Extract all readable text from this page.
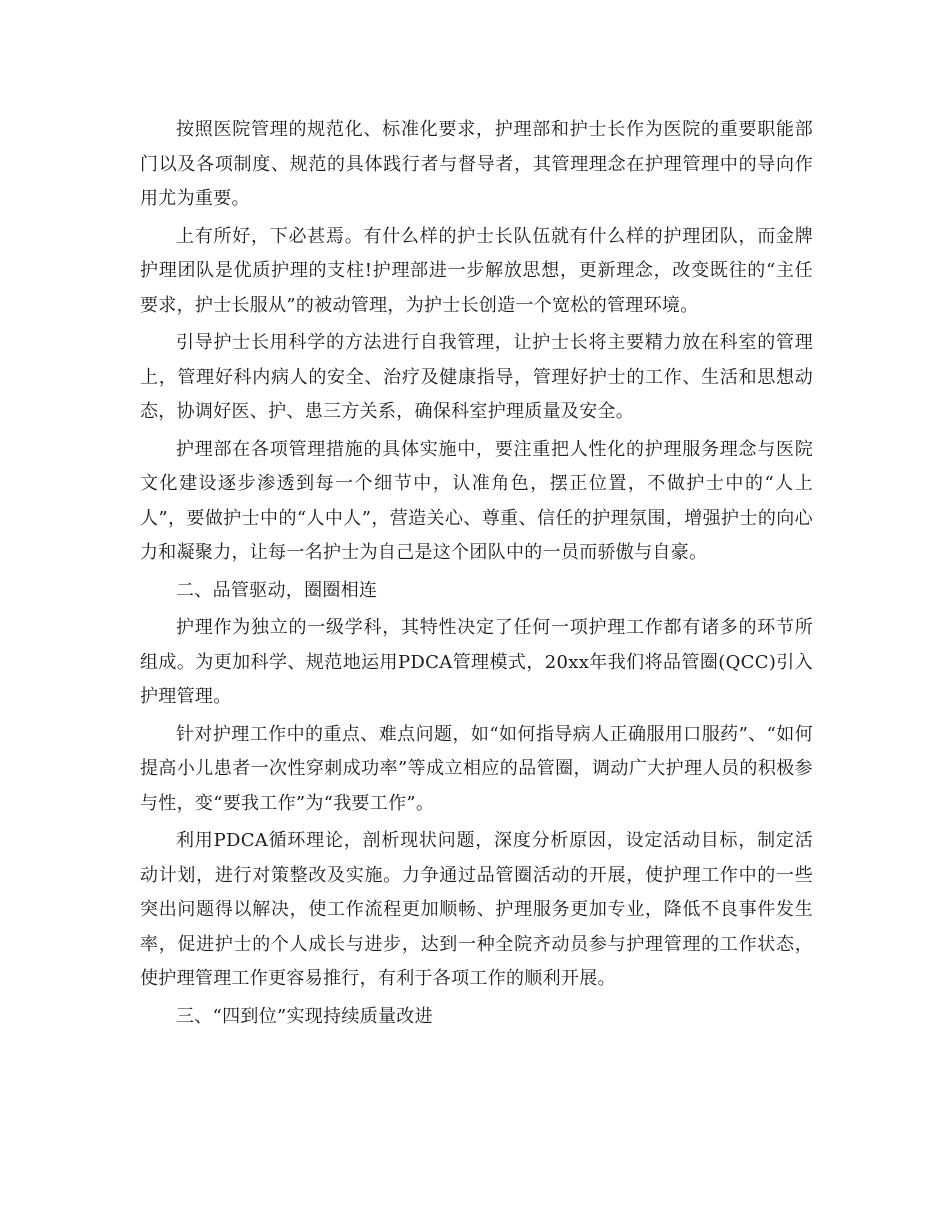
按照医院管理的规范化、标准化要求，护理部和护士长作为医院的重要职能部门以及各项制度、规范的具体践行者与督导者，其管理理念在护理管理中的导向作用尤为重要。

上有所好，下必甚焉。有什么样的护士长队伍就有什么样的护理团队，而金牌护理团队是优质护理的支柱!护理部进一步解放思想，更新理念，改变既往的“主任要求，护士长服从”的被动管理，为护士长创造一个宽松的管理环境。

引导护士长用科学的方法进行自我管理，让护士长将主要精力放在科室的管理上，管理好科内病人的安全、治疗及健康指导，管理好护士的工作、生活和思想动态，协调好医、护、患三方关系，确保科室护理质量及安全。

护理部在各项管理措施的具体实施中，要注重把人性化的护理服务理念与医院文化建设逐步渗透到每一个细节中，认准角色，摆正位置，不做护士中的“人上人”，要做护士中的“人中人”，营造关心、尊重、信任的护理氛围，增强护士的向心力和凝聚力，让每一名护士为自己是这个团队中的一员而骄傲与自豪。

二、品管驱动，圈圈相连

护理作为独立的一级学科，其特性决定了任何一项护理工作都有诸多的环节所组成。为更加科学、规范地运用PDCA管理模式，20xx年我们将品管圈(QCC)引入护理管理。

针对护理工作中的重点、难点问题，如“如何指导病人正确服用口服药”、“如何提高小儿患者一次性穿刺成功率”等成立相应的品管圈，调动广大护理人员的积极参与性，变“要我工作”为“我要工作”。

利用PDCA循环理论，剖析现状问题，深度分析原因，设定活动目标，制定活动计划，进行对策整改及实施。力争通过品管圈活动的开展，使护理工作中的一些突出问题得以解决，使工作流程更加顺畅、护理服务更加专业，降低不良事件发生率，促进护士的个人成长与进步，达到一种全院齐动员参与护理管理的工作状态，使护理管理工作更容易推行，有利于各项工作的顺利开展。

三、“四到位”实现持续质量改进
